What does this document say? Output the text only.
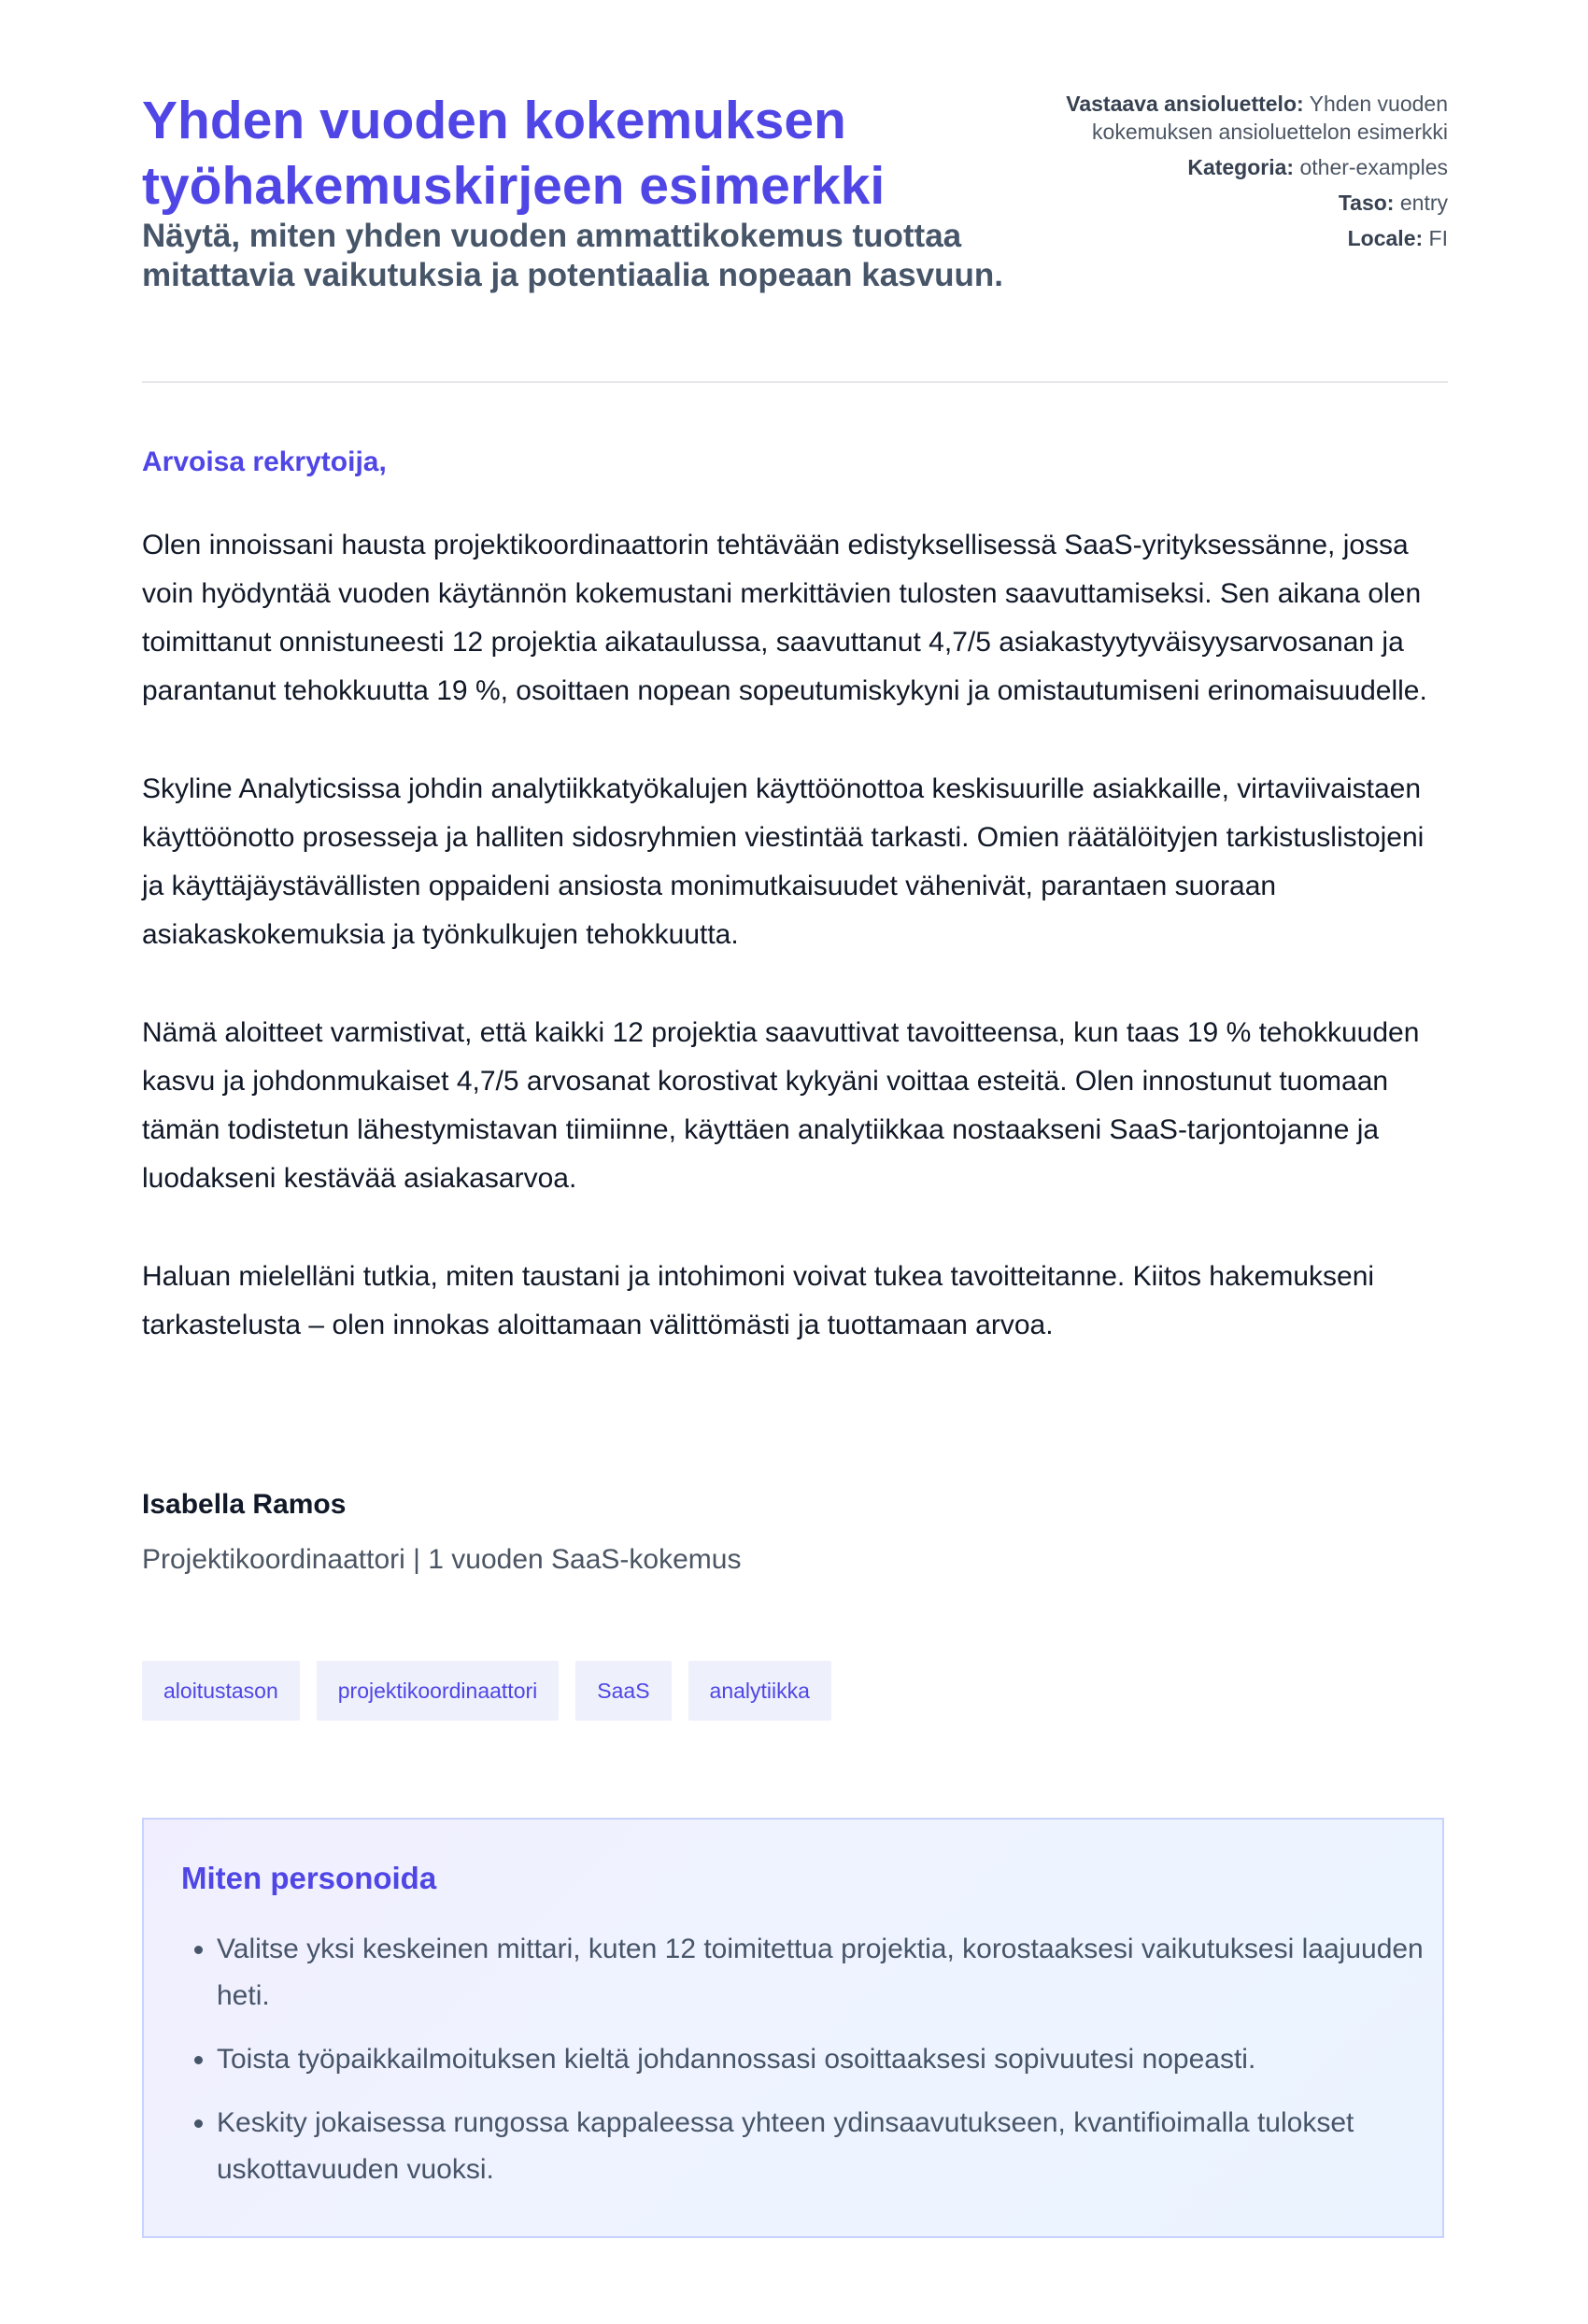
Yhden vuoden kokemuksen työhakemuskirjeen esimerkki

Näytä, miten yhden vuoden ammattikokemus tuottaa mitattavia vaikutuksia ja potentiaalia nopeaan kasvuun.

Vastaava ansioluettelo: Yhden vuoden kokemuksen ansioluettelon esimerkki
Kategoria: other-examples
Taso: entry
Locale: FI

Arvoisa rekrytoija,

Olen innoissani hausta projektikoordinaattorin tehtävään edistyksellisessä SaaS-yrityksessänne, jossa voin hyödyntää vuoden käytännön kokemustani merkittävien tulosten saavuttamiseksi. Sen aikana olen toimittanut onnistuneesti 12 projektia aikataulussa, saavuttanut 4,7/5 asiakastyytyväisyysarvosanan ja parantanut tehokkuutta 19 %, osoittaen nopean sopeutumiskykyni ja omistautumiseni erinomaisuudelle.

Skyline Analyticsissa johdin analytiikkatyökalujen käyttöönottoa keskisuurille asiakkaille, virtaviivaistaen käyttöönotto prosesseja ja halliten sidosryhmien viestintää tarkasti. Omien räätälöityjen tarkistuslistojeni ja käyttäjäystävällisten oppaideni ansiosta monimutkaisuudet vähenivät, parantaen suoraan asiakaskokemuksia ja työnkulkujen tehokkuutta.

Nämä aloitteet varmistivat, että kaikki 12 projektia saavuttivat tavoitteensa, kun taas 19 % tehokkuuden kasvu ja johdonmukaiset 4,7/5 arvosanat korostivat kykyäni voittaa esteitä. Olen innostunut tuomaan tämän todistetun lähestymistavan tiimiinne, käyttäen analytiikkaa nostaakseni SaaS-tarjontojanne ja luodakseni kestävää asiakasarvoa.

Haluan mielelläni tutkia, miten taustani ja intohimoni voivat tukea tavoitteitanne. Kiitos hakemukseni tarkastelusta – olen innokas aloittamaan välittömästi ja tuottamaan arvoa.

Isabella Ramos
Projektikoordinaattori | 1 vuoden SaaS-kokemus
aloitustason	projektikoordinaattori	SaaS	analytiikka
Miten personoida
• Valitse yksi keskeinen mittari, kuten 12 toimitettua projektia, korostaaksesi vaikutuksesi laajuuden heti.
• Toista työpaikkailmoituksen kieltä johdannossasi osoittaaksesi sopivuutesi nopeasti.
• Keskity jokaisessa rungossa kappaleessa yhteen ydinsaavutukseen, kvantifioimalla tulokset uskottavuuden vuoksi.
